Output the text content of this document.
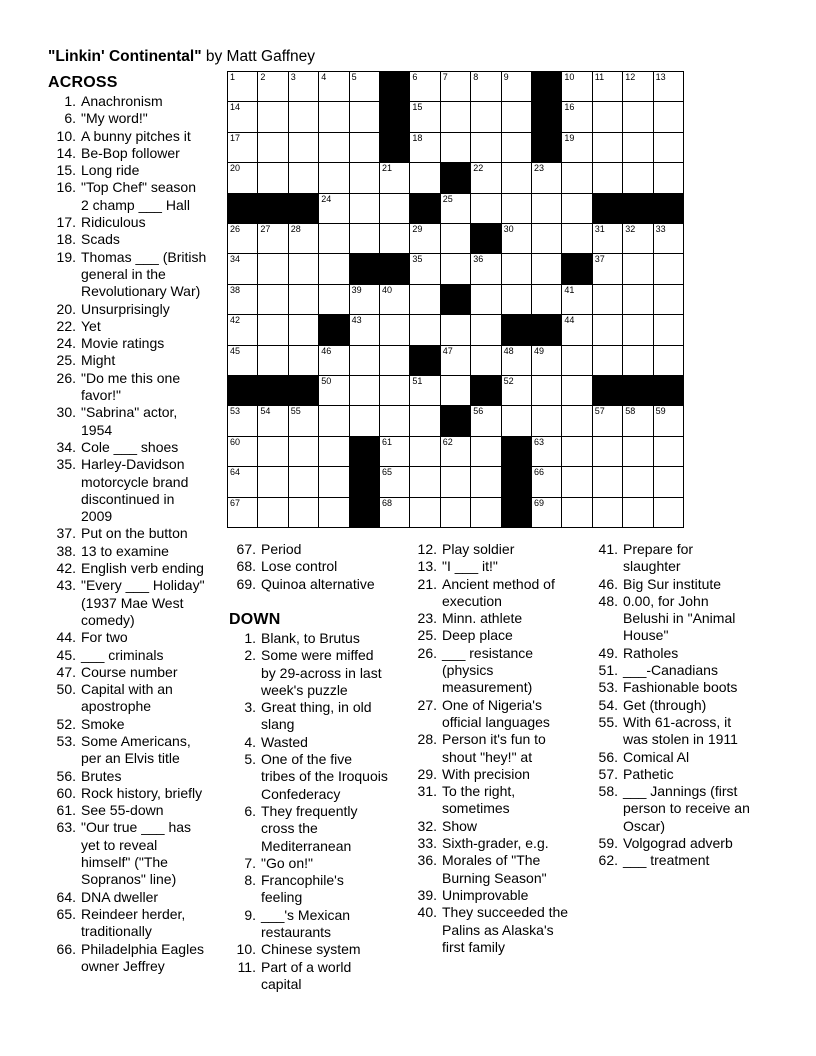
"Linkin' Continental" by Matt Gaffney
ACROSS	1	2	3	4	5	6	7	8	9	10 11 12 13
14	15	16
17	18	19
20	21	22	23
24	25
26 27 28	29	30	31 32 33
34	35	36	37
38	39 40	41
42	43	44
45	46	47	48 49
50	51	52
53 54 55	56	57 58 59
60	61	62	63
64	65	66
67	68	69
1. Anachronism
6. "My word!"
10. A bunny pitches it
14. Be-Bop follower
15. Long ride
16. "Top Chef" season
2 champ ___ Hall
17. Ridiculous
18. Scads
19. Thomas ___ (British
general in the
Revolutionary War)
20. Unsurprisingly
22. Yet
24. Movie ratings
25. Might
26. "Do me this one
favor!"
30. "Sabrina" actor,
1954
34. Cole ___ shoes
35. Harley-Davidson
motorcycle brand
discontinued in
2009
37. Put on the button
38. 13 to examine
42. English verb ending
43. "Every ___ Holiday"
(1937 Mae West
comedy)
44. For two
45. ___ criminals
47. Course number
50. Capital with an
apostrophe
52. Smoke
53. Some Americans,
per an Elvis title
56. Brutes
60. Rock history, briefly
61. See 55-down
63. "Our true ___ has
yet to reveal
himself" ("The
Sopranos" line)
64. DNA dweller
65. Reindeer herder,
traditionally
66. Philadelphia Eagles
owner Jeffrey
67. Period
68. Lose control
69. Quinoa alternative
DOWN
1. Blank, to Brutus
2. Some were miffed
by 29-across in last
week's puzzle
3. Great thing, in old
slang
4. Wasted
5. One of the five
tribes of the Iroquois
Confederacy
6. They frequently
cross the
Mediterranean
7. "Go on!"
8. Francophile's
feeling
9. ___'s Mexican
restaurants
10. Chinese system
11. Part of a world
capital
12. Play soldier
13. "I ___ it!"
21. Ancient method of
execution
23. Minn. athlete
25. Deep place
26. ___ resistance
(physics
measurement)
27. One of Nigeria's
official languages
28. Person it's fun to
shout "hey!" at
29. With precision
31. To the right,
sometimes
32. Show
33. Sixth-grader, e.g.
36. Morales of "The
Burning Season"
39. Unimprovable
40. They succeeded the
Palins as Alaska's
first family
41. Prepare for
slaughter
46. Big Sur institute
48. 0.00, for John
Belushi in "Animal
House"
49. Ratholes
51. ___-Canadians
53. Fashionable boots
54. Get (through)
55. With 61-across, it
was stolen in 1911
56. Comical Al
57. Pathetic
58. ___ Jannings (first
person to receive an
Oscar)
59. Volgograd adverb
62. ___ treatment
